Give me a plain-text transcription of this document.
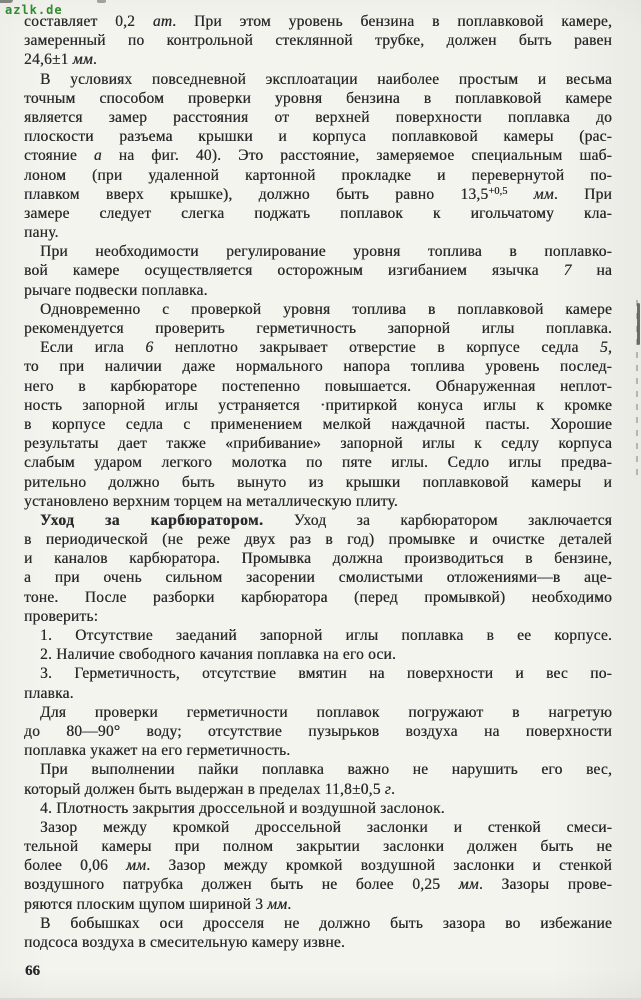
azlk.de
составляет 0,2 ат. При этом уровень бензина в поплавковой камере,
замеренный по контрольной стеклянной трубке, должен быть равен
24,6±1 мм.
В условиях повседневной эксплоатации наиболее простым и весьма
точным способом проверки уровня бензина в поплавковой камере
является замер расстояния от верхней поверхности поплавка до
плоскости разъема крышки и корпуса поплавковой камеры (рас-
стояние а на фиг. 40). Это расстояние, замеряемое специальным шаб-
лоном (при удаленной картонной прокладке и перевернутой по-
плавком вверх крышке), должно быть равно $13,5^{+0,5}$ мм. При
замере следует слегка поджать поплавок к игольчатому кла-
пану.
При необходимости регулирование уровня топлива в поплавко-
вой камере осуществляется осторожным изгибанием язычка 7 на
рычаге подвески поплавка.
Одновременно с проверкой уровня топлива в поплавковой камере
рекомендуется проверить герметичность запорной иглы поплавка.
Если игла 6 неплотно закрывает отверстие в корпусе седла 5,
то при наличии даже нормального напора топлива уровень послед-
него в карбюраторе постепенно повышается. Обнаруженная неплот-
ность запорной иглы устраняется ·притиркой конуса иглы к кромке
в корпусе седла с применением мелкой наждачной пасты. Хорошие
результаты дает также «прибивание» запорной иглы к седлу корпуса
слабым ударом легкого молотка по пяте иглы. Седло иглы предва-
рительно должно быть вынуто из крышки поплавковой камеры и
установлено верхним торцем на металлическую плиту.
Уход за карбюратором. Уход за карбюратором заключается
в периодической (не реже двух раз в год) промывке и очистке деталей
и каналов карбюратора. Промывка должна производиться в бензине,
а при очень сильном засорении смолистыми отложениями—в аце-
тоне. После разборки карбюратора (перед промывкой) необходимо
проверить:
1. Отсутствие заеданий запорной иглы поплавка в ее корпусе.
2. Наличие свободного качания поплавка на его оси.
3. Герметичность, отсутствие вмятин на поверхности и вес по-
плавка.
Для проверки герметичности поплавок погружают в нагретую
до 80—90° воду; отсутствие пузырьков воздуха на поверхности
поплавка укажет на его герметичность.
При выполнении пайки поплавка важно не нарушить его вес,
который должен быть выдержан в пределах 11,8±0,5 г.
4. Плотность закрытия дроссельной и воздушной заслонок.
Зазор между кромкой дроссельной заслонки и стенкой смеси-
тельной камеры при полном закрытии заслонки должен быть не
более 0,06 мм. Зазор между кромкой воздушной заслонки и стенкой
воздушного патрубка должен быть не более 0,25 мм. Зазоры прове-
ряются плоским щупом шириной 3 мм.
В бобышках оси дросселя не должно быть зазора во избежание
подсоса воздуха в смесительную камеру извне.
66
